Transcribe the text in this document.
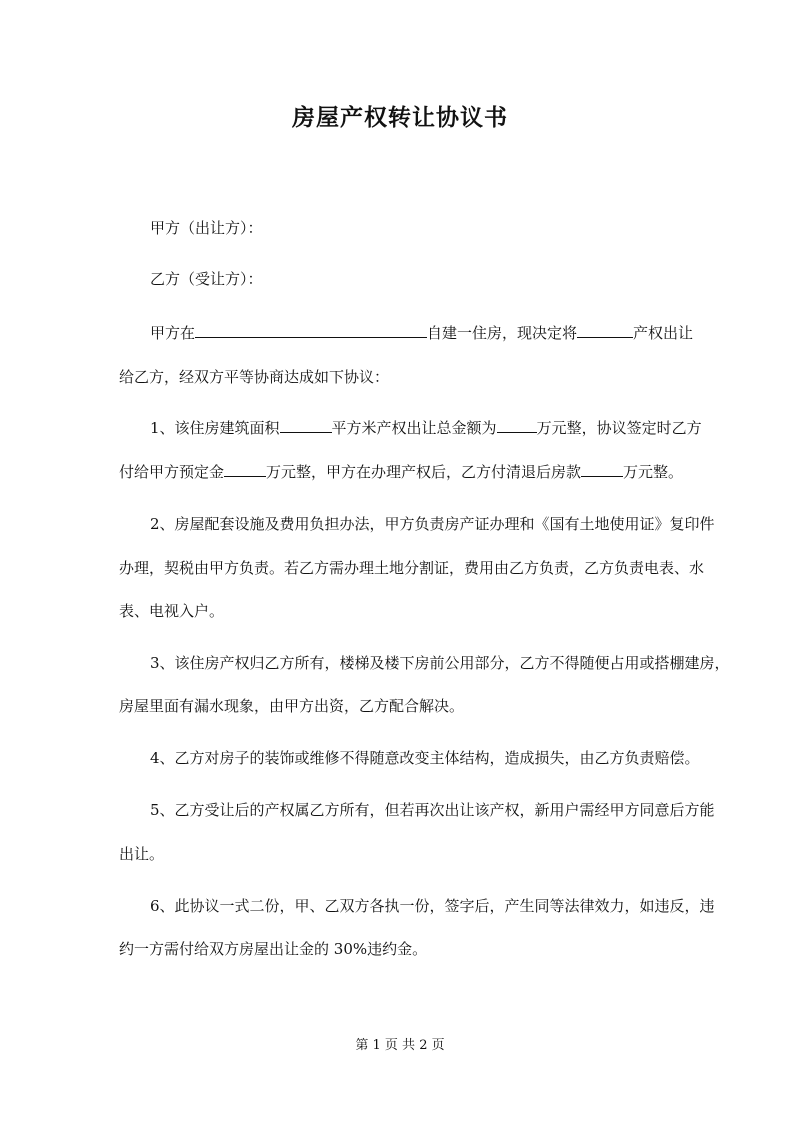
房屋产权转让协议书
甲方（出让方）：
乙方（受让方）：
甲方在	自建一住房，现决定将	产权出让
给乙方，经双方平等协商达成如下协议：
1、该住房建筑面积	平方米产权出让总金额为	万元整，协议签定时乙方
付给甲方预定金	万元整，甲方在办理产权后，乙方付清退后房款	万元整。
2、房屋配套设施及费用负担办法，甲方负责房产证办理和《国有土地使用证》复印件
办理，契税由甲方负责。若乙方需办理土地分割证，费用由乙方负责，乙方负责电表、水
表、电视入户。
3、该住房产权归乙方所有，楼梯及楼下房前公用部分，乙方不得随便占用或搭棚建房，
房屋里面有漏水现象，由甲方出资，乙方配合解决。
4、乙方对房子的装饰或维修不得随意改变主体结构，造成损失，由乙方负责赔偿。
5、乙方受让后的产权属乙方所有，但若再次出让该产权，新用户需经甲方同意后方能
出让。
6、此协议一式二份，甲、乙双方各执一份，签字后，产生同等法律效力，如违反，违
约一方需付给双方房屋出让金的 30%违约金。
第 1 页 共 2 页
